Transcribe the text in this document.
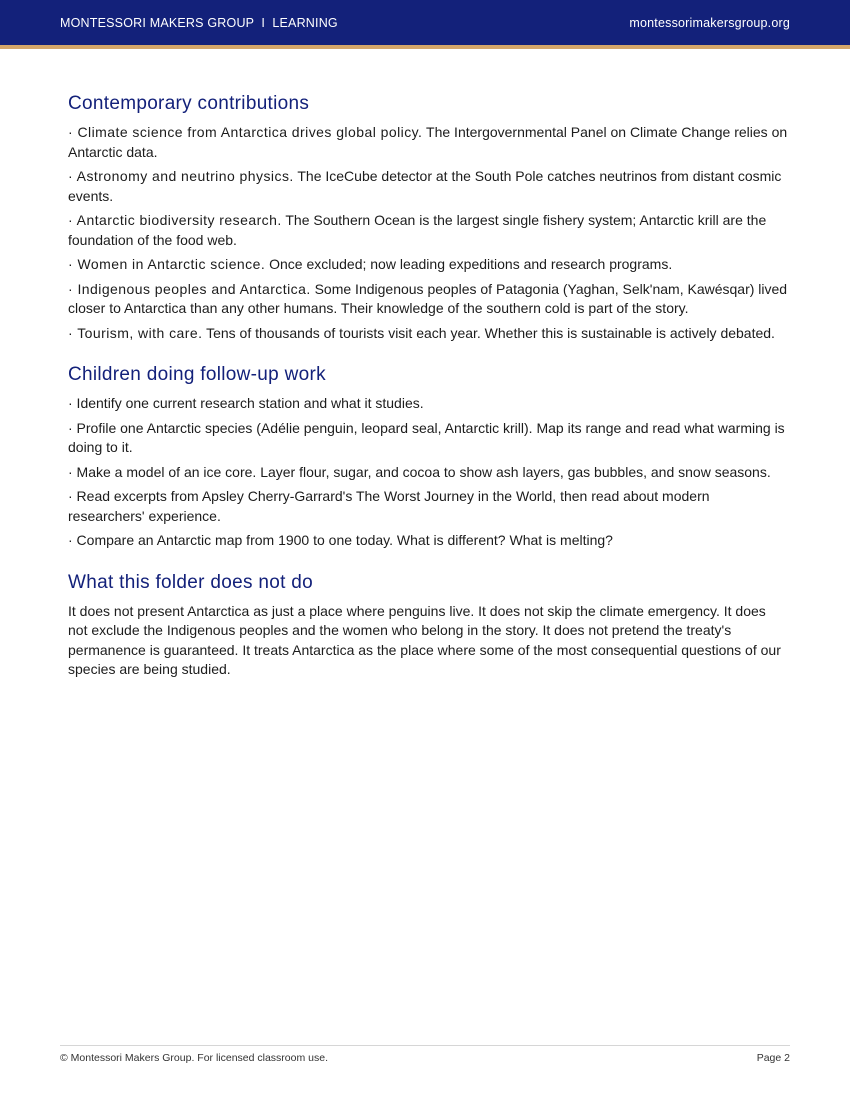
MONTESSORI MAKERS GROUP  I  LEARNING	montessorimakersgroup.org
Contemporary contributions

· Climate science from Antarctica drives global policy. The Intergovernmental Panel on Climate Change relies on Antarctic data.

· Astronomy and neutrino physics. The IceCube detector at the South Pole catches neutrinos from distant cosmic events.

· Antarctic biodiversity research. The Southern Ocean is the largest single fishery system; Antarctic krill are the foundation of the food web.

· Women in Antarctic science. Once excluded; now leading expeditions and research programs.

· Indigenous peoples and Antarctica. Some Indigenous peoples of Patagonia (Yaghan, Selk'nam, Kawésqar) lived closer to Antarctica than any other humans. Their knowledge of the southern cold is part of the story.

· Tourism, with care. Tens of thousands of tourists visit each year. Whether this is sustainable is actively debated.

Children doing follow-up work

· Identify one current research station and what it studies.

· Profile one Antarctic species (Adélie penguin, leopard seal, Antarctic krill). Map its range and read what warming is doing to it.

· Make a model of an ice core. Layer flour, sugar, and cocoa to show ash layers, gas bubbles, and snow seasons.

· Read excerpts from Apsley Cherry-Garrard's The Worst Journey in the World, then read about modern researchers' experience.

· Compare an Antarctic map from 1900 to one today. What is different? What is melting?

What this folder does not do

It does not present Antarctica as just a place where penguins live. It does not skip the climate emergency. It does not exclude the Indigenous peoples and the women who belong in the story. It does not pretend the treaty's permanence is guaranteed. It treats Antarctica as the place where some of the most consequential questions of our species are being studied.

© Montessori Makers Group. For licensed classroom use.	Page 2
